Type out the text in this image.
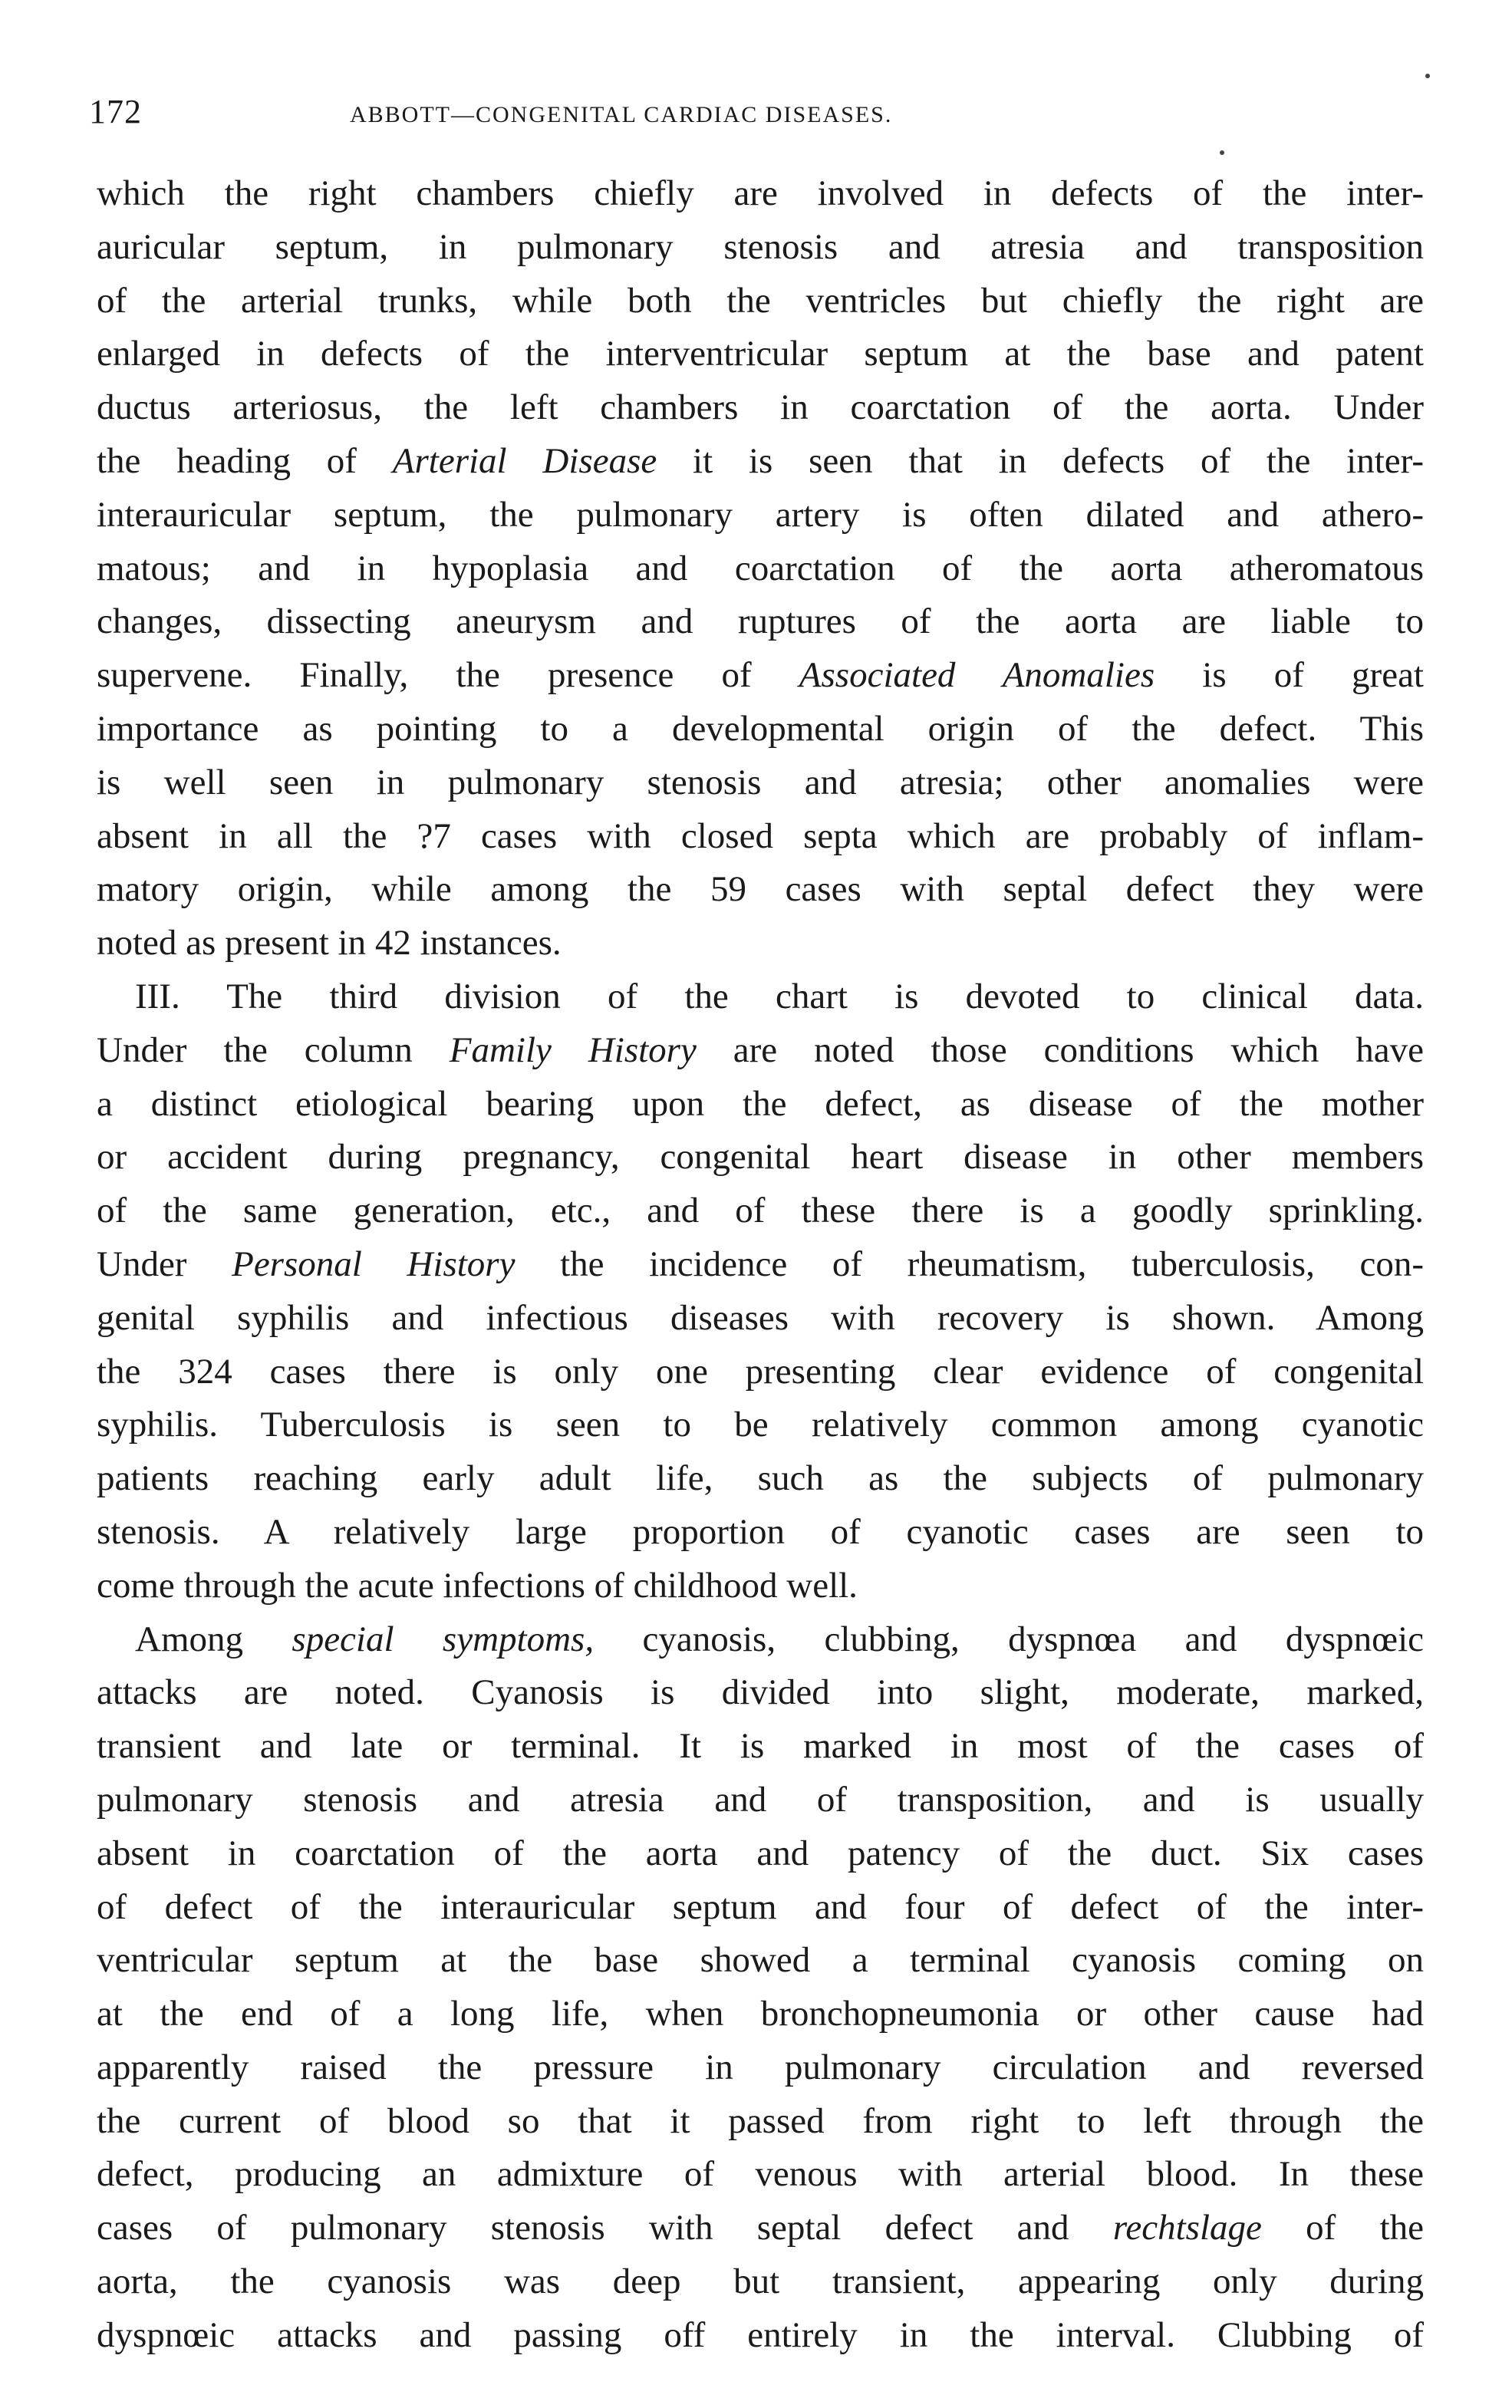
172	ABBOTT—CONGENITAL CARDIAC DISEASES.
which the right chambers chiefly are involved in defects of the inter-
auricular septum, in pulmonary stenosis and atresia and transposition
of the arterial trunks, while both the ventricles but chiefly the right are
enlarged in defects of the interventricular septum at the base and patent
ductus arteriosus, the left chambers in coarctation of the aorta. Under
the heading of Arterial Disease it is seen that in defects of the inter-
interauricular septum, the pulmonary artery is often dilated and athero-
matous; and in hypoplasia and coarctation of the aorta atheromatous
changes, dissecting aneurysm and ruptures of the aorta are liable to
supervene. Finally, the presence of Associated Anomalies is of great
importance as pointing to a developmental origin of the defect. This
is well seen in pulmonary stenosis and atresia; other anomalies were
absent in all the ?7 cases with closed septa which are probably of inflam-
matory origin, while among the 59 cases with septal defect they were
noted as present in 42 instances.
III. The third division of the chart is devoted to clinical data.
Under the column Family History are noted those conditions which have
a distinct etiological bearing upon the defect, as disease of the mother
or accident during pregnancy, congenital heart disease in other members
of the same generation, etc., and of these there is a goodly sprinkling.
Under Personal History the incidence of rheumatism, tuberculosis, con-
genital syphilis and infectious diseases with recovery is shown. Among
the 324 cases there is only one presenting clear evidence of congenital
syphilis. Tuberculosis is seen to be relatively common among cyanotic
patients reaching early adult life, such as the subjects of pulmonary
stenosis. A relatively large proportion of cyanotic cases are seen to
come through the acute infections of childhood well.
Among special symptoms, cyanosis, clubbing, dyspnœa and dyspnœic
attacks are noted. Cyanosis is divided into slight, moderate, marked,
transient and late or terminal. It is marked in most of the cases of
pulmonary stenosis and atresia and of transposition, and is usually
absent in coarctation of the aorta and patency of the duct. Six cases
of defect of the interauricular septum and four of defect of the inter-
ventricular septum at the base showed a terminal cyanosis coming on
at the end of a long life, when bronchopneumonia or other cause had
apparently raised the pressure in pulmonary circulation and reversed
the current of blood so that it passed from right to left through the
defect, producing an admixture of venous with arterial blood. In these
cases of pulmonary stenosis with septal defect and rechtslage of the
aorta, the cyanosis was deep but transient, appearing only during
dyspnœic attacks and passing off entirely in the interval. Clubbing of
